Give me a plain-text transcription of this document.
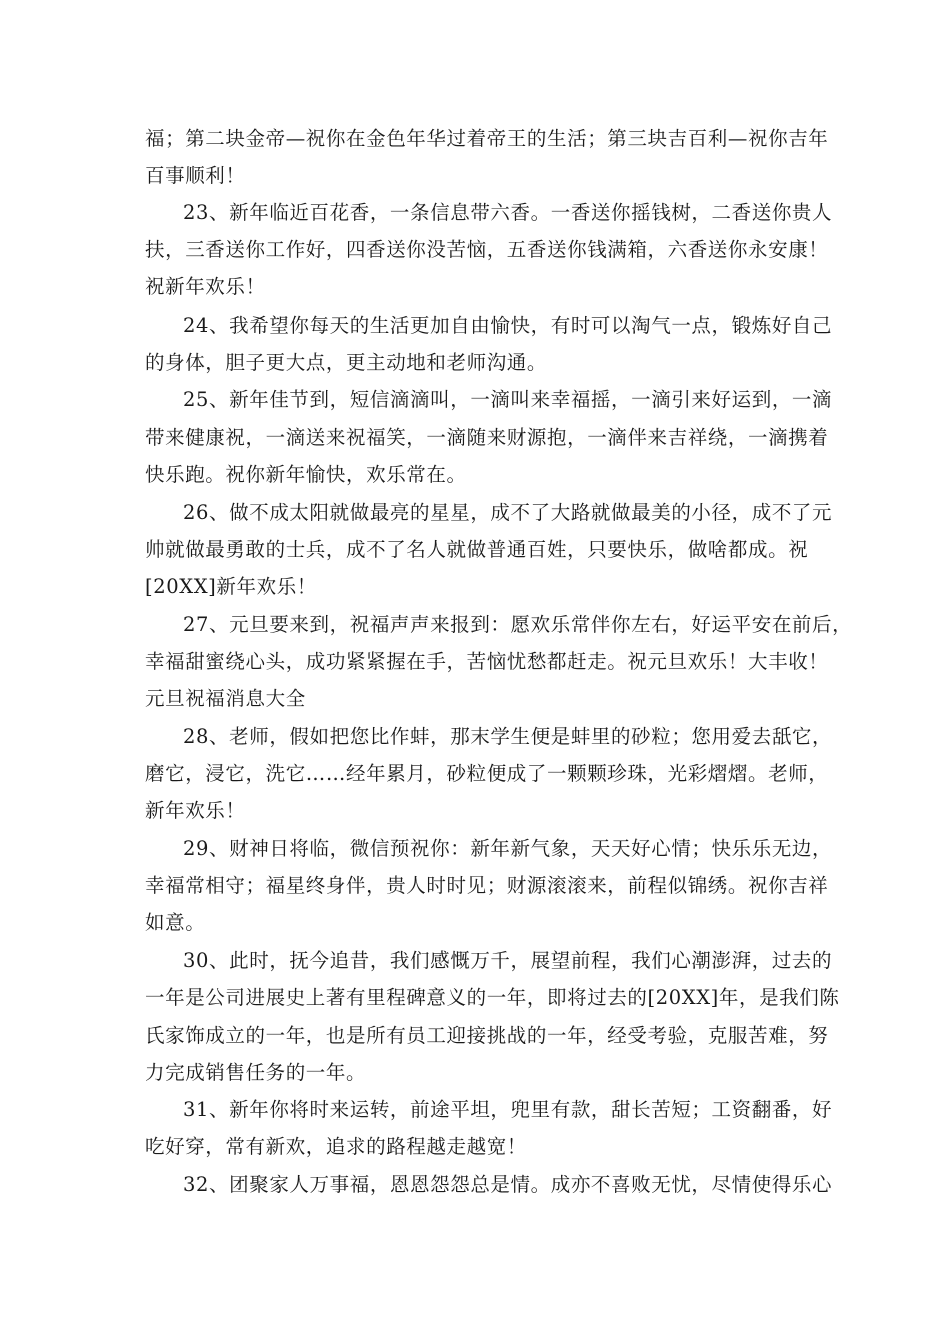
福；第二块金帝—祝你在金色年华过着帝王的生活；第三块吉百利—祝你吉年
百事顺利！
23、新年临近百花香，一条信息带六香。一香送你摇钱树，二香送你贵人
扶，三香送你工作好，四香送你没苦恼，五香送你钱满箱，六香送你永安康！
祝新年欢乐！
24、我希望你每天的生活更加自由愉快，有时可以淘气一点，锻炼好自己
的身体，胆子更大点，更主动地和老师沟通。
25、新年佳节到，短信滴滴叫，一滴叫来幸福摇，一滴引来好运到，一滴
带来健康祝，一滴送来祝福笑，一滴随来财源抱，一滴伴来吉祥绕，一滴携着
快乐跑。祝你新年愉快，欢乐常在。
26、做不成太阳就做最亮的星星，成不了大路就做最美的小径，成不了元
帅就做最勇敢的士兵，成不了名人就做普通百姓，只要快乐，做啥都成。祝
[20XX]新年欢乐！
27、元旦要来到，祝福声声来报到：愿欢乐常伴你左右，好运平安在前后，
幸福甜蜜绕心头，成功紧紧握在手，苦恼忧愁都赶走。祝元旦欢乐！大丰收！
元旦祝福消息大全
28、老师，假如把您比作蚌，那末学生便是蚌里的砂粒；您用爱去舐它，
磨它，浸它，洗它……经年累月，砂粒便成了一颗颗珍珠，光彩熠熠。老师，
新年欢乐！
29、财神日将临，微信预祝你：新年新气象，天天好心情；快乐乐无边，
幸福常相守；福星终身伴，贵人时时见；财源滚滚来，前程似锦绣。祝你吉祥
如意。
30、此时，抚今追昔，我们感慨万千，展望前程，我们心潮澎湃，过去的
一年是公司进展史上著有里程碑意义的一年，即将过去的[20XX]年，是我们陈
氏家饰成立的一年，也是所有员工迎接挑战的一年，经受考验，克服苦难，努
力完成销售任务的一年。
31、新年你将时来运转，前途平坦，兜里有款，甜长苦短；工资翻番，好
吃好穿，常有新欢，追求的路程越走越宽！
32、团聚家人万事福，恩恩怨怨总是情。成亦不喜败无忧，尽情使得乐心
